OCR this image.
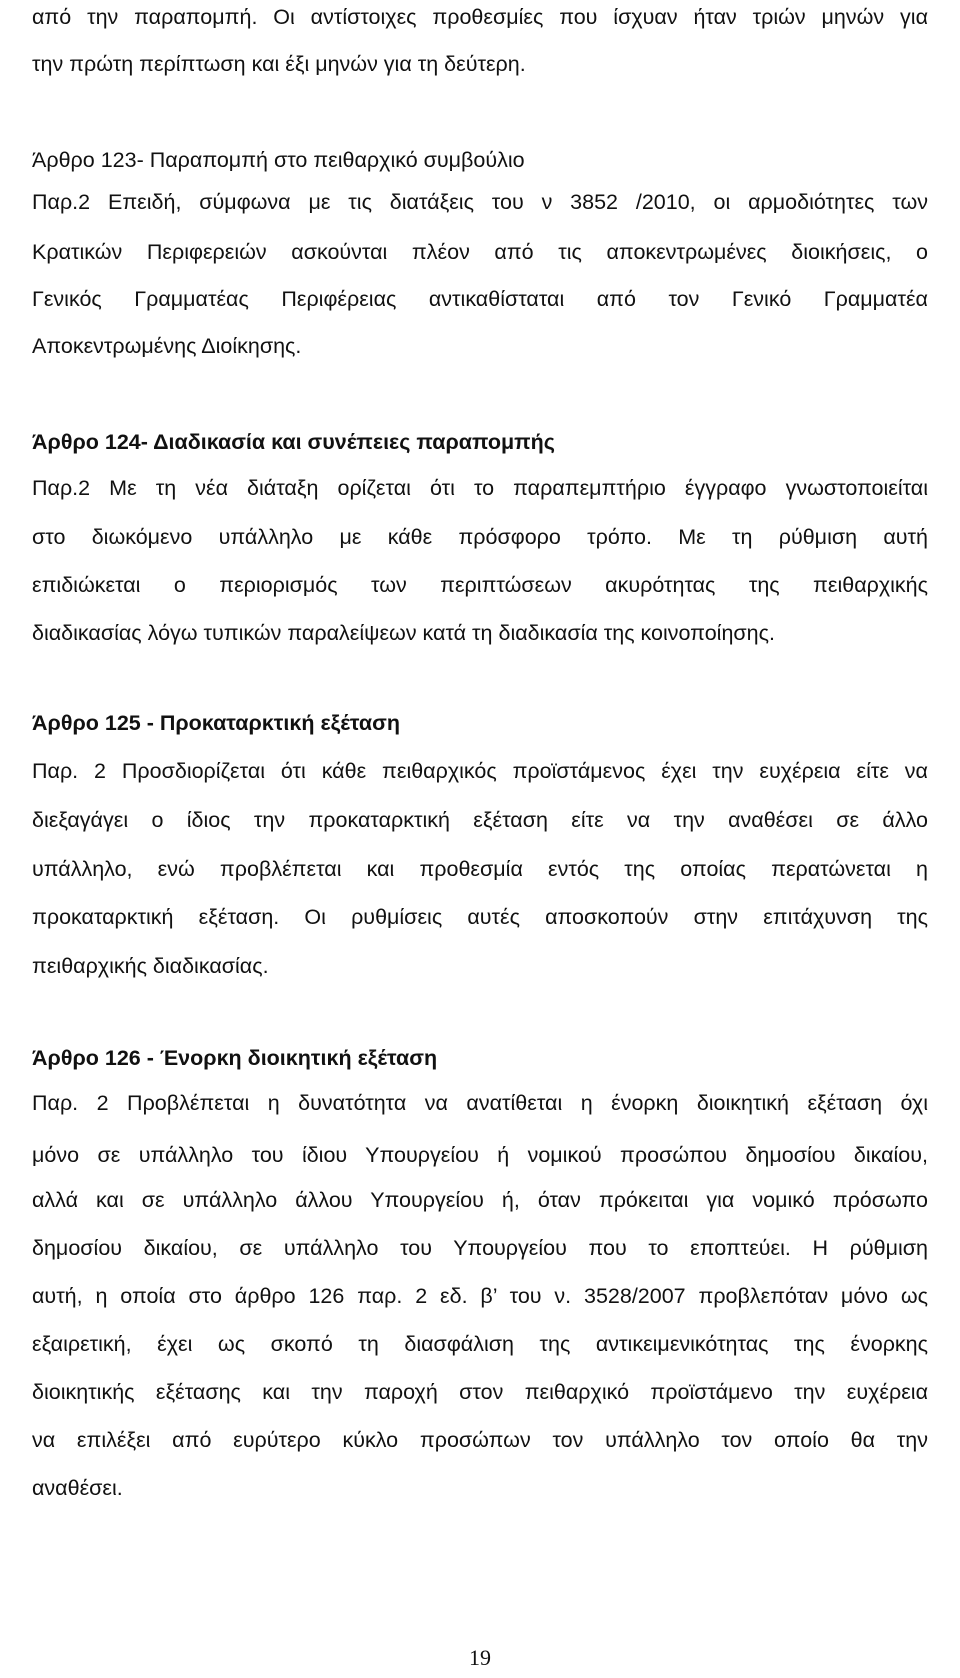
από την παραπομπή. Οι αντίστοιχες προθεσμίες που ίσχυαν ήταν τριών μηνών για
την πρώτη περίπτωση και έξι μηνών για τη δεύτερη.
Άρθρο 123- Παραπομπή στο πειθαρχικό συμβούλιο
Παρ.2 Επειδή, σύμφωνα με τις διατάξεις του ν 3852 /2010, οι αρμοδιότητες των
Κρατικών Περιφερειών ασκούνται πλέον από τις αποκεντρωμένες διοικήσεις, ο
Γενικός Γραμματέας Περιφέρειας αντικαθίσταται από τον Γενικό Γραμματέα
Αποκεντρωμένης Διοίκησης.
Άρθρο 124- Διαδικασία και συνέπειες παραπομπής
Παρ.2 Με τη νέα διάταξη ορίζεται ότι το παραπεμπτήριο έγγραφο γνωστοποιείται
στο διωκόμενο υπάλληλο με κάθε πρόσφορο τρόπο. Με τη ρύθμιση αυτή
επιδιώκεται ο περιορισμός των περιπτώσεων ακυρότητας της πειθαρχικής
διαδικασίας λόγω τυπικών παραλείψεων κατά τη διαδικασία της κοινοποίησης.
Άρθρο 125 - Προκαταρκτική εξέταση
Παρ. 2 Προσδιορίζεται ότι κάθε πειθαρχικός προϊστάμενος έχει την ευχέρεια είτε να
διεξαγάγει ο ίδιος την προκαταρκτική εξέταση είτε να την αναθέσει σε άλλο
υπάλληλο, ενώ προβλέπεται και προθεσμία εντός της οποίας περατώνεται η
προκαταρκτική εξέταση. Οι ρυθμίσεις αυτές αποσκοπούν στην επιτάχυνση της
πειθαρχικής διαδικασίας.
Άρθρο 126 - Ένορκη διοικητική εξέταση
Παρ. 2 Προβλέπεται η δυνατότητα να ανατίθεται η ένορκη διοικητική εξέταση όχι
μόνο σε υπάλληλο του ίδιου Υπουργείου ή νομικού προσώπου δημοσίου δικαίου,
αλλά και σε υπάλληλο άλλου Υπουργείου ή, όταν πρόκειται για νομικό πρόσωπο
δημοσίου δικαίου, σε υπάλληλο του Υπουργείου που το εποπτεύει. Η ρύθμιση
αυτή, η οποία στο άρθρο 126 παρ. 2 εδ. β’ του ν. 3528/2007 προβλεπόταν μόνο ως
εξαιρετική, έχει ως σκοπό τη διασφάλιση της αντικειμενικότητας της ένορκης
διοικητικής εξέτασης και την παροχή στον πειθαρχικό προϊστάμενο την ευχέρεια
να επιλέξει από ευρύτερο κύκλο προσώπων τον υπάλληλο τον οποίο θα την
αναθέσει.
19
